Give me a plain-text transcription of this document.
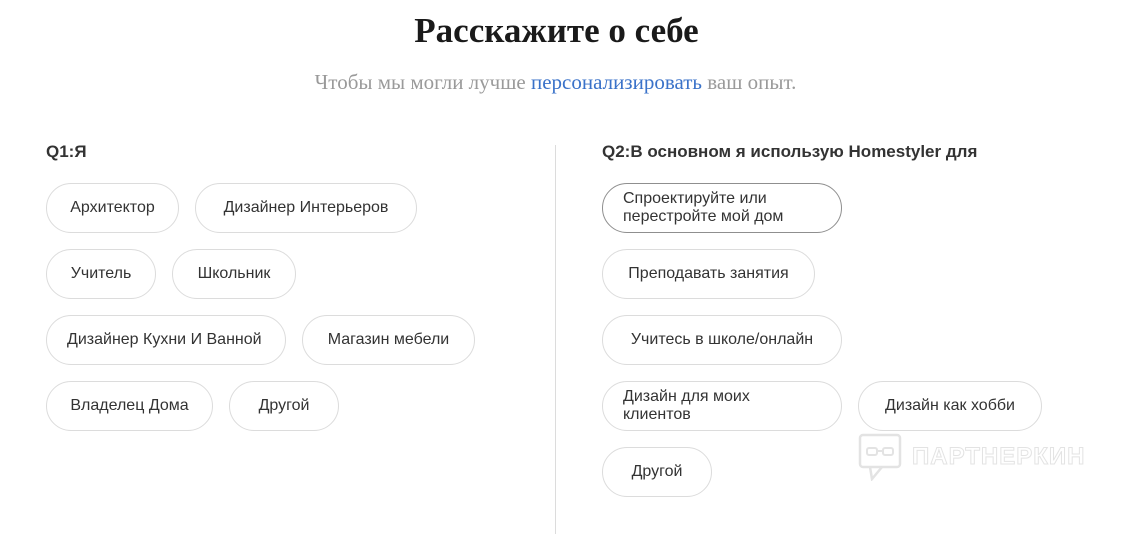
Расскажите о себе
Чтобы мы могли лучше персонализировать ваш опыт.
Q1:Я
Архитектор	Дизайнер Интерьеров
Учитель	Школьник
Дизайнер Кухни И Ванной	Магазин мебели
Владелец Дома	Другой
Q2:В основном я использую Homestyler для
Спроектируйте или перестройте мой дом
Преподавать занятия
Учитесь в школе/онлайн
Дизайн для моих клиентов
Дизайн как хобби
Другой
ПАРТНЕРКИН
